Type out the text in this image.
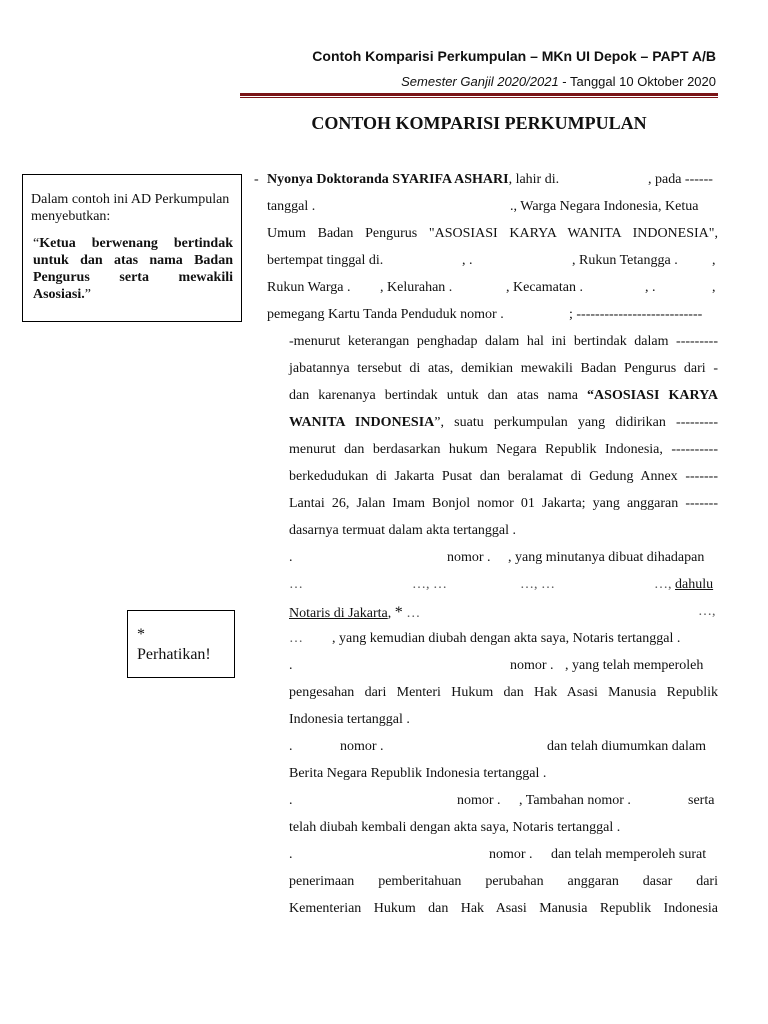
Contoh Komparisi Perkumpulan – MKn UI Depok – PAPT A/B
Semester Ganjil 2020/2021 - Tanggal 10 Oktober 2020
CONTOH KOMPARISI PERKUMPULAN
Dalam contoh ini AD Perkumpulan menyebutkan:
“Ketua berwenang bertindak untuk dan atas nama Badan Pengurus serta mewakili Asosiasi.”
*
Perhatikan!
- Nyonya Doktoranda SYARIFA ASHARI, lahir di.	, pada ------
tanggal .	., Warga Negara Indonesia, Ketua
Umum Badan Pengurus "ASOSIASI KARYA WANITA INDONESIA",
bertempat tinggal di.	, .	, Rukun Tetangga . ,
Rukun Warga . , Kelurahan .	, Kecamatan .	, .	,
pemegang Kartu Tanda Penduduk nomor .	; ---------------------------
-menurut keterangan penghadap dalam hal ini bertindak dalam ---------
jabatannya tersebut di atas, demikian mewakili Badan Pengurus dari -
dan karenanya bertindak untuk dan atas nama “ASOSIASI KARYA
WANITA INDONESIA”, suatu perkumpulan yang didirikan ---------
menurut dan berdasarkan hukum Negara Republik Indonesia, ----------
berkedudukan di Jakarta Pusat dan beralamat di Gedung Annex -------
Lantai 26, Jalan Imam Bonjol nomor 01 Jakarta; yang anggaran -------
dasarnya termuat dalam akta tertanggal .
.	nomor . , yang minutanya dibuat dihadapan
…	…, …	…, …	…, dahulu
Notaris di Jakarta, * …	…,
… , yang kemudian diubah dengan akta saya, Notaris tertanggal .
.	nomor . , yang telah memperoleh
pengesahan dari Menteri Hukum dan Hak Asasi Manusia Republik
Indonesia tertanggal .
.	nomor .	dan telah diumumkan dalam
Berita Negara Republik Indonesia tertanggal .
.	nomor . , Tambahan nomor .	serta
telah diubah kembali dengan akta saya, Notaris tertanggal .
.	nomor . dan telah memperoleh surat
penerimaan pemberitahuan perubahan anggaran dasar dari
Kementerian Hukum dan Hak Asasi Manusia Republik Indonesia
